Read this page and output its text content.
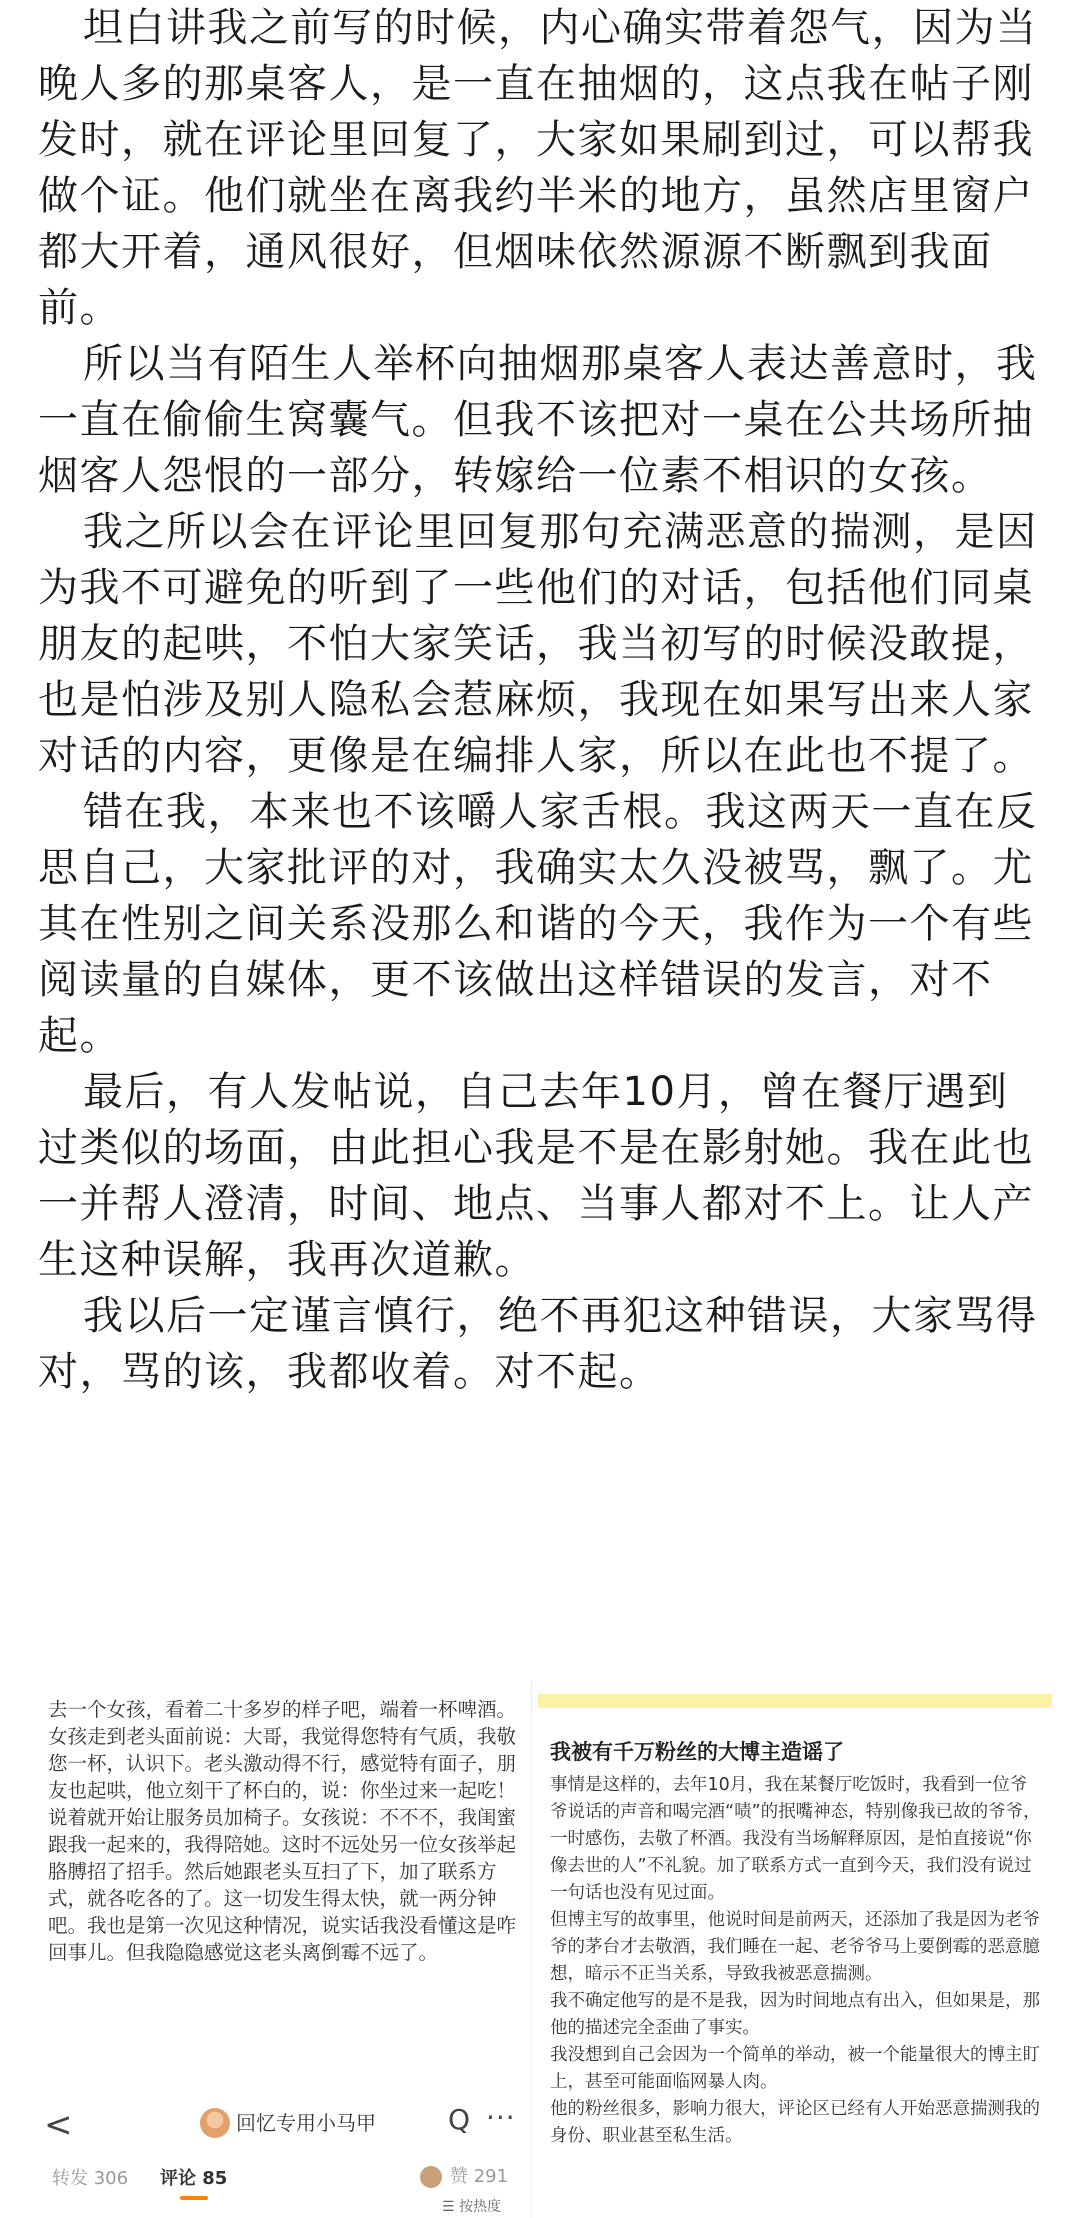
坦白讲我之前写的时候，内心确实带着怨气，因为当晚人多的那桌客人，是一直在抽烟的，这点我在帖子刚发时，就在评论里回复了，大家如果刷到过，可以帮我做个证。他们就坐在离我约半米的地方，虽然店里窗户都大开着，通风很好，但烟味依然源源不断飘到我面前。

所以当有陌生人举杯向抽烟那桌客人表达善意时，我一直在偷偷生窝囊气。但我不该把对一桌在公共场所抽烟客人怨恨的一部分，转嫁给一位素不相识的女孩。

我之所以会在评论里回复那句充满恶意的揣测，是因为我不可避免的听到了一些他们的对话，包括他们同桌朋友的起哄，不怕大家笑话，我当初写的时候没敢提，也是怕涉及别人隐私会惹麻烦，我现在如果写出来人家对话的内容，更像是在编排人家，所以在此也不提了。

错在我，本来也不该嚼人家舌根。我这两天一直在反思自己，大家批评的对，我确实太久没被骂，飘了。尤其在性别之间关系没那么和谐的今天，我作为一个有些阅读量的自媒体，更不该做出这样错误的发言，对不起。

最后，有人发帖说，自己去年10月，曾在餐厅遇到过类似的场面，由此担心我是不是在影射她。我在此也一并帮人澄清，时间、地点、当事人都对不上。让人产生这种误解，我再次道歉。

我以后一定谨言慎行，绝不再犯这种错误，大家骂得对，骂的该，我都收着。对不起。

去一个女孩，看着二十多岁的样子吧，端着一杯啤酒。女孩走到老头面前说：大哥，我觉得您特有气质，我敬您一杯，认识下。老头激动得不行，感觉特有面子，朋友也起哄，他立刻干了杯白的，说：你坐过来一起吃！说着就开始让服务员加椅子。女孩说：不不不，我闺蜜跟我一起来的，我得陪她。这时不远处另一位女孩举起胳膊招了招手。然后她跟老头互扫了下，加了联系方式，就各吃各的了。这一切发生得太快，就一两分钟吧。我也是第一次见这种情况，说实话我没看懂这是咋回事儿。但我隐隐感觉这老头离倒霉不远了。
<	回忆专用小马甲	Q ···
转发 306 评论 85	赞 291
☰ 按热度
我被有千万粉丝的大博主造谣了
事情是这样的，去年10月，我在某餐厅吃饭时，我看到一位爷爷说话的声音和喝完酒“啧”的抿嘴神态，特别像我已故的爷爷，一时感伤，去敬了杯酒。我没有当场解释原因，是怕直接说“你像去世的人”不礼貌。加了联系方式一直到今天，我们没有说过一句话也没有见过面。
但博主写的故事里，他说时间是前两天，还添加了我是因为老爷爷的茅台才去敬酒，我们睡在一起、老爷爷马上要倒霉的恶意臆想，暗示不正当关系，导致我被恶意揣测。
我不确定他写的是不是我，因为时间地点有出入，但如果是，那他的描述完全歪曲了事实。
我没想到自己会因为一个简单的举动，被一个能量很大的博主盯上，甚至可能面临网暴人肉。
他的粉丝很多，影响力很大，评论区已经有人开始恶意揣测我的身份、职业甚至私生活。
